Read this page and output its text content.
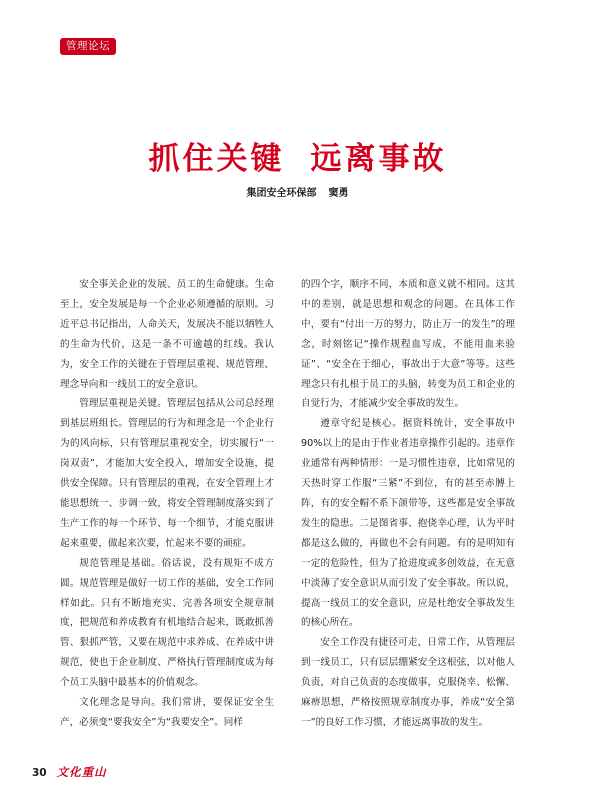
管理论坛
抓住关键 远离事故
集团安全环保部 窦勇

安全事关企业的发展、员工的生命健康。生命至上，安全发展是每一个企业必须遵循的原则。习近平总书记指出，人命关天，发展决不能以牺牲人的生命为代价，这是一条不可逾越的红线。我认为，安全工作的关键在于管理层重视、规范管理、理念导向和一线员工的安全意识。

管理层重视是关键。管理层包括从公司总经理到基层班组长。管理层的行为和理念是一个企业行为的风向标，只有管理层重视安全，切实履行“一岗双责”，才能加大安全投入，增加安全设施，提供安全保障。只有管理层的重视，在安全管理上才能思想统一、步调一致，将安全管理制度落实到了生产工作的每一个环节、每一个细节，才能克服讲起来重要，做起来次要，忙起来不要的顽症。

规范管理是基础。俗话说，没有规矩不成方圆。规范管理是做好一切工作的基础，安全工作同样如此。只有不断地充实、完善各项安全规章制度，把规范和养成教育有机地结合起来，既敢抓善管、狠抓严管，又要在规范中求养成、在养成中讲规范，使也于企业制度、严格执行管理制度成为每个员工头脑中最基本的价值观念。

文化理念是导向。我们常讲，要保证安全生产，必须变“要我安全”为“我要安全”。同样

的四个字，顺序不同，本质和意义就不相同。这其中的差别，就是思想和观念的问题。在具体工作中，要有“付出一万的努力，防止万一的发生”的理念，时刻铭记“操作规程血写成，不能用血来验证”、“安全在于细心，事故出于大意”等等。这些理念只有扎根于员工的头脑，转变为员工和企业的自觉行为，才能减少安全事故的发生。

遵章守纪是核心。据资料统计，安全事故中90%以上的是由于作业者违章操作引起的。违章作业通常有两种情形：一是习惯性违章，比如常见的天热时穿工作服“三紧”不到位，有的甚至赤膊上阵，有的安全帽不系下颌带等，这些都是安全事故发生的隐患。二是图省事、抱侥幸心理，认为平时都是这么做的，再做也不会有问题。有的是明知有一定的危险性，但为了抢进度或多创效益，在无意中淡薄了安全意识从而引发了安全事故。所以说，提高一线员工的安全意识，应是杜绝安全事故发生的核心所在。

安全工作没有捷径可走，日常工作，从管理层到一线员工，只有层层绷紧安全这根弦，以对他人负责，对自己负责的态度做事，克服侥幸、松懈、麻痹思想，严格按照规章制度办事，养成“安全第一”的良好工作习惯，才能远离事故的发生。

30 文化重山
